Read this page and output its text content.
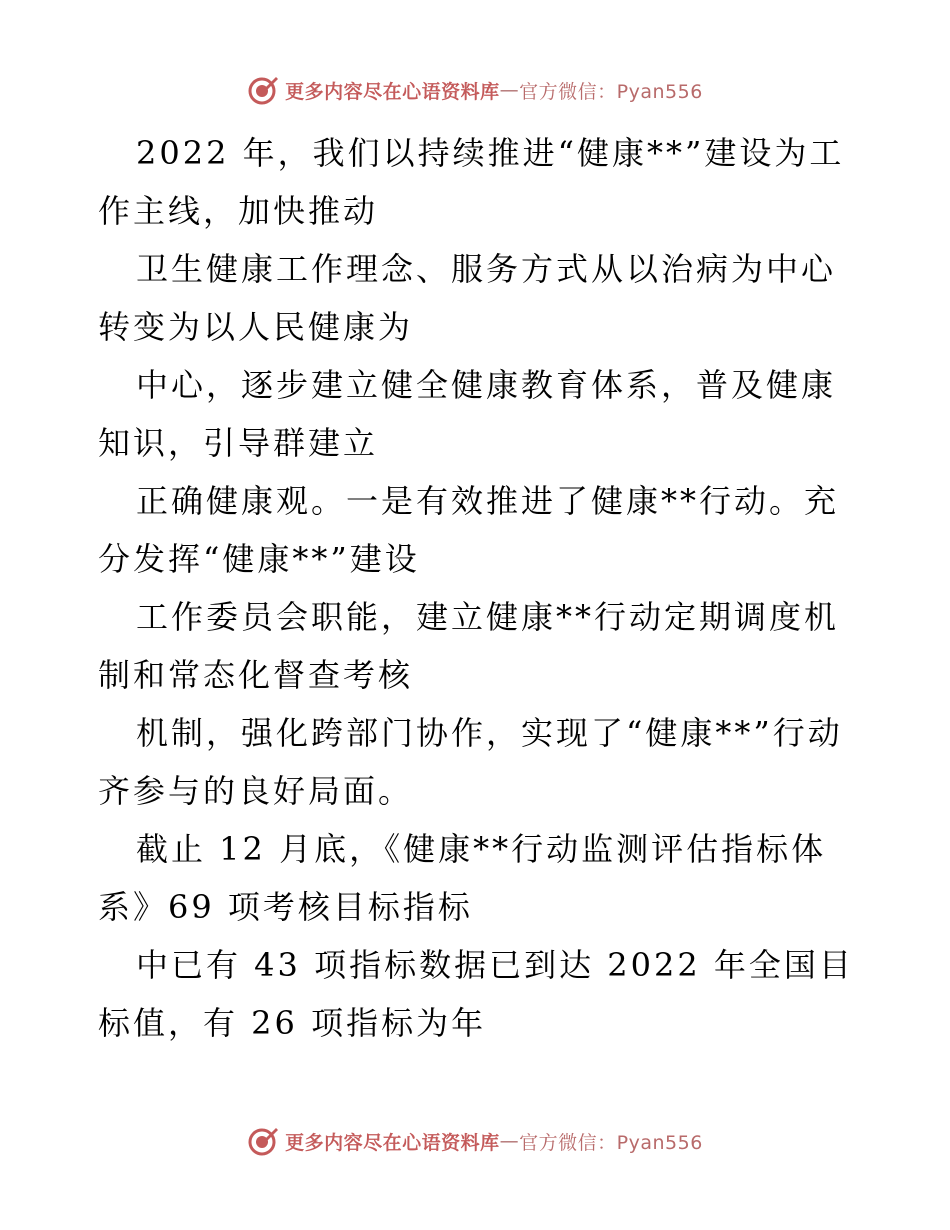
更多内容尽在心语资料库 — 官方微信：Pyan556

2022 年，我们以持续推进“健康**”建设为工作主线，加快推动

卫生健康工作理念、服务方式从以治病为中心转变为以人民健康为

中心，逐步建立健全健康教育体系，普及健康知识，引导群建立

正确健康观。一是有效推进了健康**行动。充分发挥“健康**”建设

工作委员会职能，建立健康**行动定期调度机制和常态化督查考核

机制，强化跨部门协作，实现了“健康**”行动齐参与的良好局面。

截止 12 月底，《健康**行动监测评估指标体系》69 项考核目标指标

中已有 43 项指标数据已到达 2022 年全国目标值，有 26 项指标为年

更多内容尽在心语资料库 — 官方微信：Pyan556
